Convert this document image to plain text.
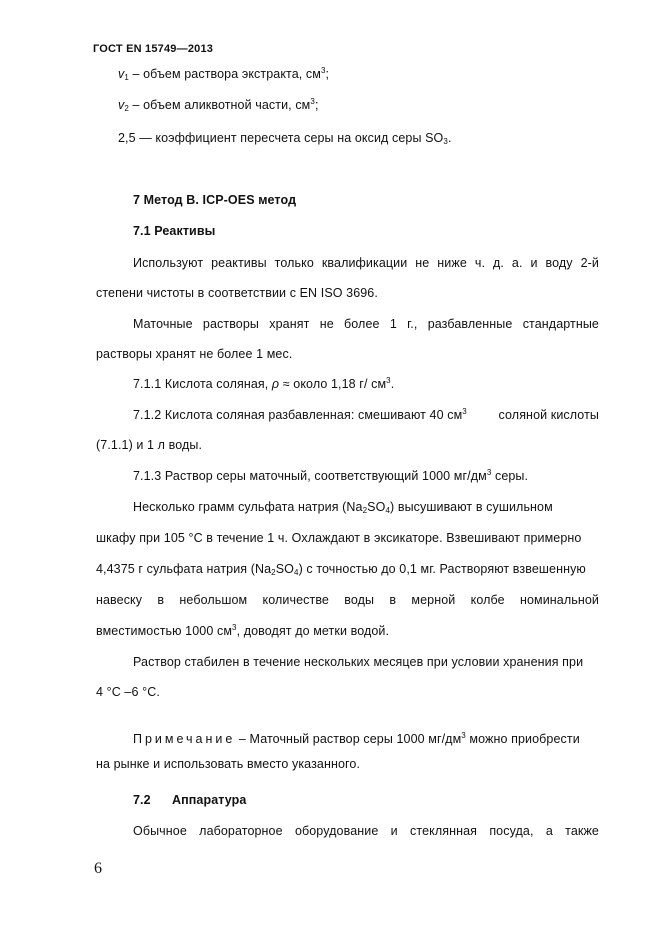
ГОСТ EN 15749—2013
$v_1$ – объем раствора экстракта, $см^3$;
$v_2$ – объем аликвотной части, $см^3$;
2,5 — коэффициент пересчета серы на оксид серы $SO_3$.
7 Метод В. ICP-OES метод
7.1 Реактивы
Используют реактивы только квалификации не ниже ч. д. а. и воду 2-й
степени чистоты в соответствии с EN ISO 3696.
Маточные растворы хранят не более 1 г., разбавленные стандартные
растворы хранят не более 1 мес.
7.1.1 Кислота соляная, ρ ≈ около 1,18 г/ $см^3$.
7.1.2 Кислота соляная разбавленная: смешивают 40 $см^3$	соляной кислоты
(7.1.1) и 1 л воды.
7.1.3 Раствор серы маточный, соответствующий 1000 $мг/дм^3$ серы.
Несколько грамм сульфата натрия $(Na_2SO_4)$ высушивают в сушильном
шкафу при 105 °С в течение 1 ч. Охлаждают в эксикаторе. Взвешивают примерно
4,4375 г сульфата натрия $(Na_2SO_4)$ с точностью до 0,1 мг. Растворяют взвешенную
навеску в небольшом количестве воды в мерной колбе номинальной
вместимостью 1000 $см^3$, доводят до метки водой.
Раствор стабилен в течение нескольких месяцев при условии хранения при
4 °С –6 °С.
Примечание – Маточный раствор серы 1000 $мг/дм^3$ можно приобрести
на рынке и использовать вместо указанного.
7.2 Аппаратура
Обычное лабораторное оборудование и стеклянная посуда, а также
6
